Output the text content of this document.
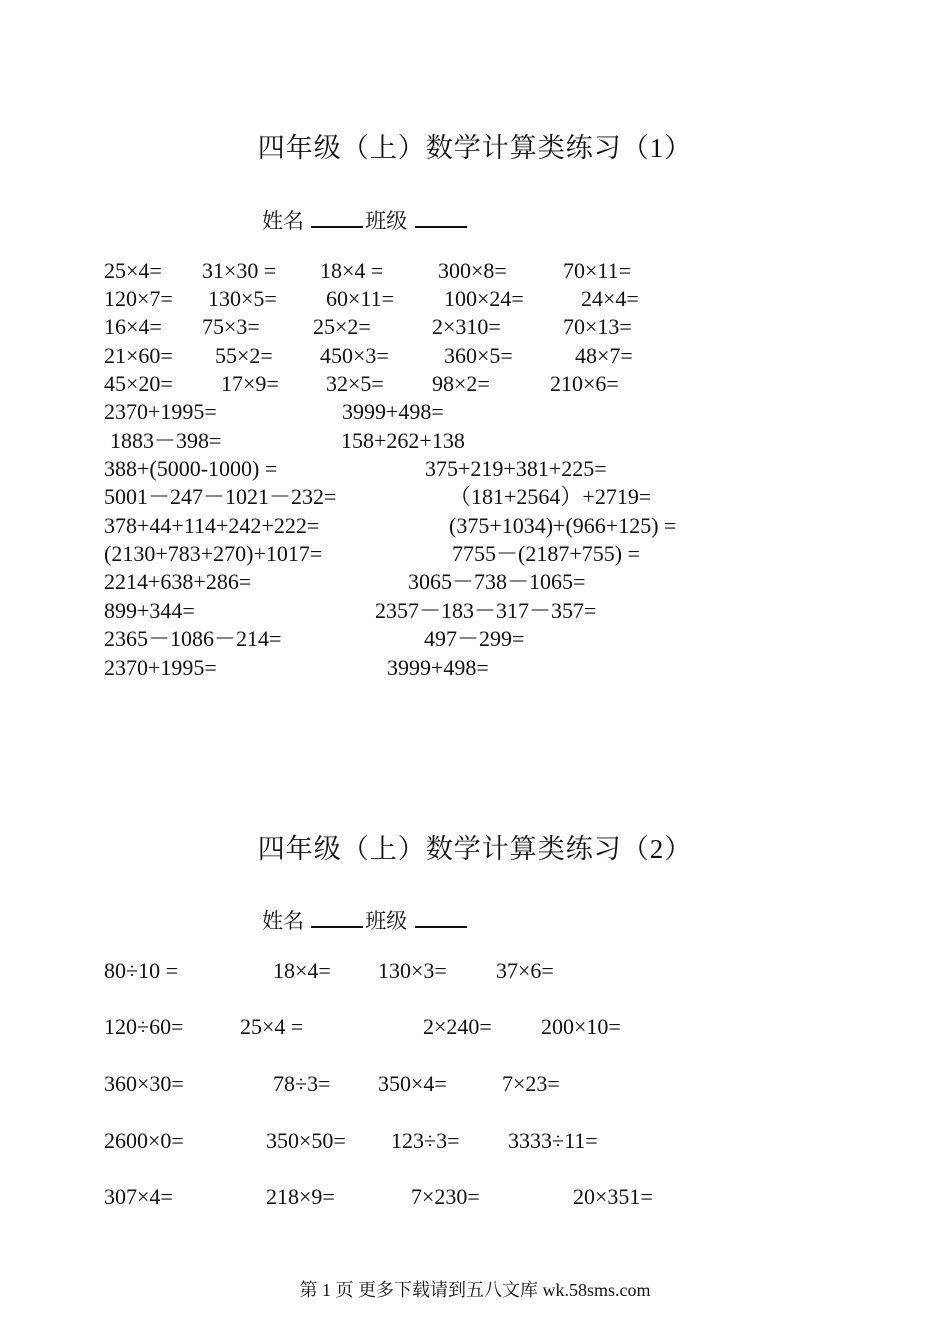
四年级（上）数学计算类练习（1）
姓名	班级
25×4= 31×30 = 18×4 = 300×8=	70×11=
120×7= 130×5= 60×11= 100×24=	24×4=
16×4= 75×3= 25×2=	2×310=	70×13=
21×60= 55×2= 450×3=	360×5=	48×7=
45×20= 17×9= 32×5= 98×2=	210×6=
2370+1995=	3999+498=
1883－398=	158+262+138
388+(5000-1000) =	375+219+381+225=
5001－247－1021－232=	（181+2564）+2719=
378+44+114+242+222=	(375+1034)+(966+125) =
(2130+783+270)+1017=	7755－(2187+755) =
2214+638+286=	3065－738－1065=
899+344=	2357－183－317－357=
2365－1086－214=	497－299=
2370+1995=	3999+498=
四年级（上）数学计算类练习（2）
姓名	班级
80÷10 =	18×4= 130×3= 37×6=
120÷60=	25×4 =	2×240= 200×10=
360×30=	78÷3= 350×4=	7×23=
2600×0=	350×50= 123÷3= 3333÷11=
307×4=	218×9=	7×230=	20×351=
第 1 页 更多下载请到五八文库 wk.58sms.com
